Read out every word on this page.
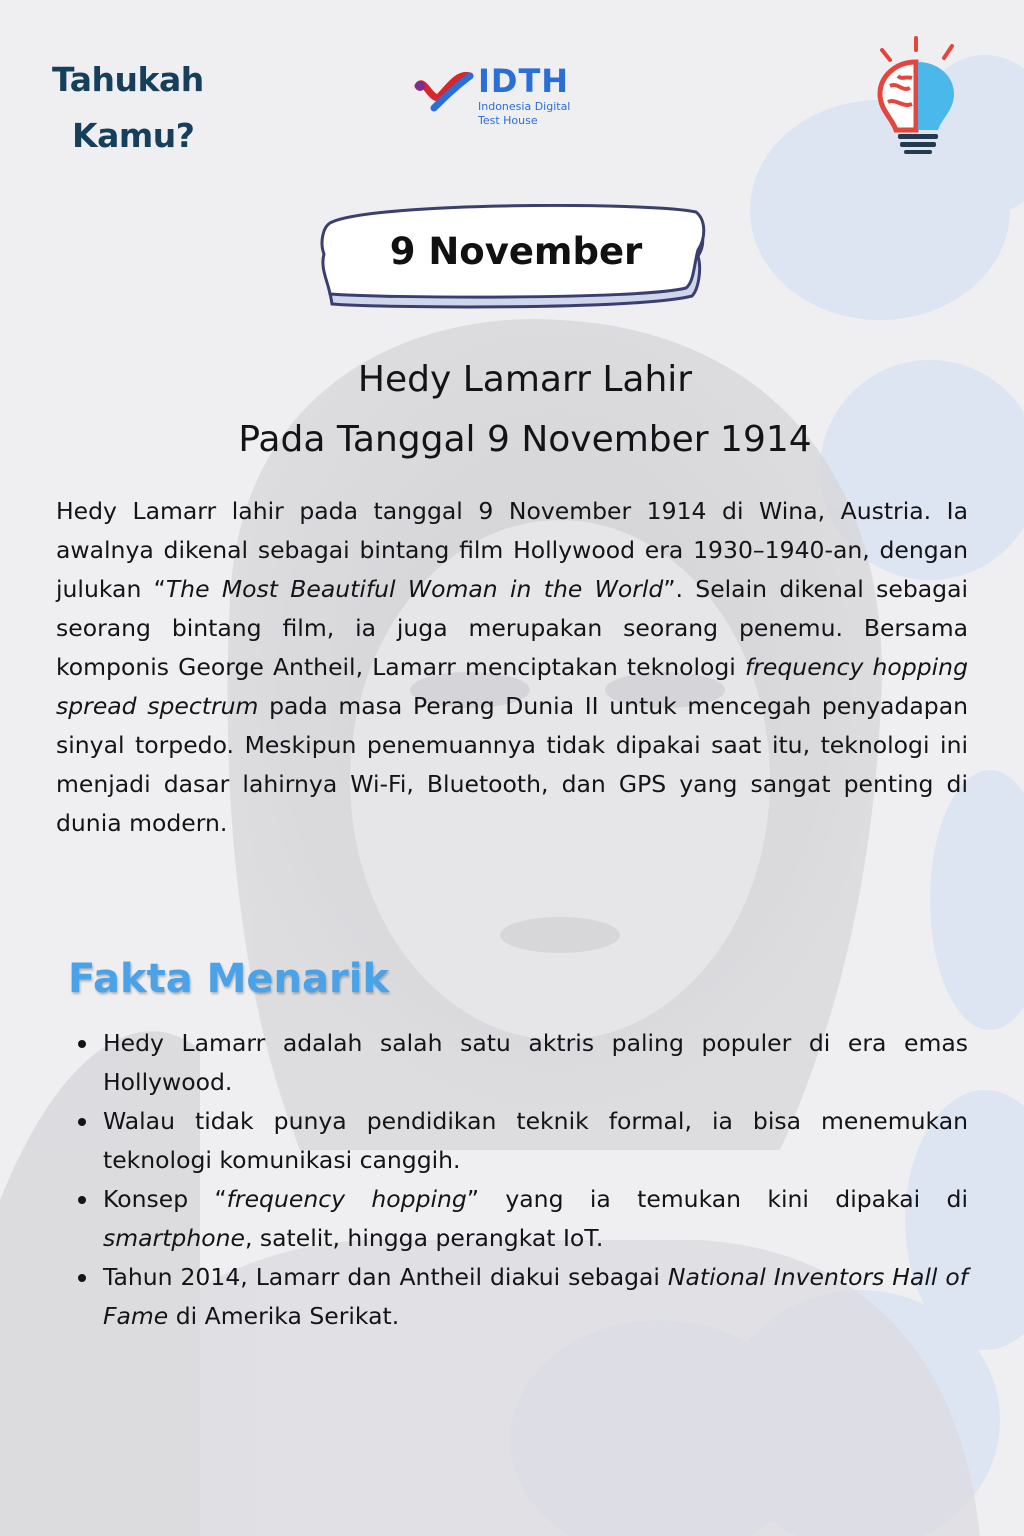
Tahukah
Kamu?
IDTH
Indonesia Digital
Test House
9 November
Hedy Lamarr Lahir
Pada Tanggal 9 November 1914
Hedy Lamarr lahir pada tanggal 9 November 1914 di Wina, Austria. Ia awalnya dikenal sebagai bintang film Hollywood era 1930–1940-an, dengan julukan “The Most Beautiful Woman in the World”. Selain dikenal sebagai seorang bintang film, ia juga merupakan seorang penemu. Bersama komponis George Antheil, Lamarr menciptakan teknologi frequency hopping spread spectrum pada masa Perang Dunia II untuk mencegah penyadapan sinyal torpedo. Meskipun penemuannya tidak dipakai saat itu, teknologi ini menjadi dasar lahirnya Wi-Fi, Bluetooth, dan GPS yang sangat penting di dunia modern.
Fakta Menarik
Hedy Lamarr adalah salah satu aktris paling populer di era emas Hollywood.
Walau tidak punya pendidikan teknik formal, ia bisa menemukan teknologi komunikasi canggih.
Konsep “frequency hopping” yang ia temukan kini dipakai di smartphone, satelit, hingga perangkat IoT.
Tahun 2014, Lamarr dan Antheil diakui sebagai National Inventors Hall of Fame di Amerika Serikat.
